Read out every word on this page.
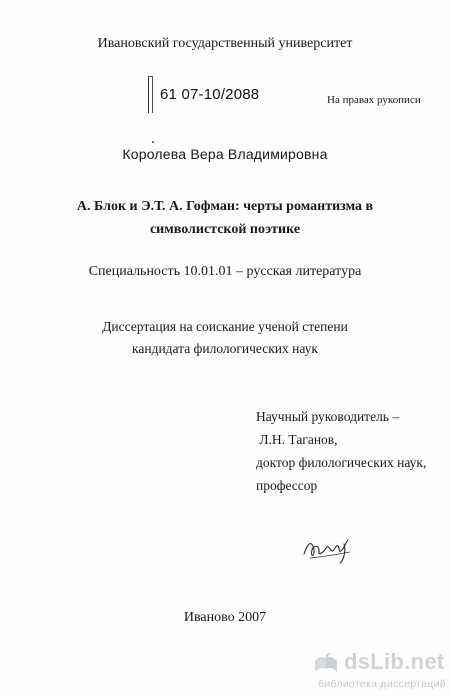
Ивановский государственный университет
61 07-10/2088	На правах рукописи
Королева Вера Владимировна
А. Блок и Э.Т. А. Гофман: черты романтизма в
символистской поэтике
Специальность 10.01.01 – русская литература
Диссертация на соискание ученой степени
кандидата филологических наук
Научный руководитель –
Л.Н. Таганов,
доктор филологических наук,
профессор
Иваново 2007
dsLib.net
библиотека диссертаций
